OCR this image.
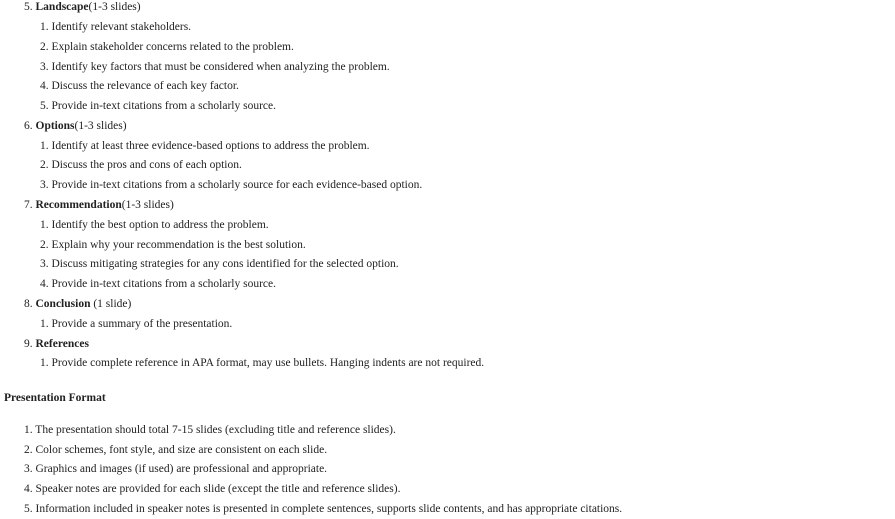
5. Landscape(1-3 slides)
1. Identify relevant stakeholders.
2. Explain stakeholder concerns related to the problem.
3. Identify key factors that must be considered when analyzing the problem.
4. Discuss the relevance of each key factor.
5. Provide in-text citations from a scholarly source.
6. Options(1-3 slides)
1. Identify at least three evidence-based options to address the problem.
2. Discuss the pros and cons of each option.
3. Provide in-text citations from a scholarly source for each evidence-based option.
7. Recommendation(1-3 slides)
1. Identify the best option to address the problem.
2. Explain why your recommendation is the best solution.
3. Discuss mitigating strategies for any cons identified for the selected option.
4. Provide in-text citations from a scholarly source.
8. Conclusion (1 slide)
1. Provide a summary of the presentation.
9. References
1. Provide complete reference in APA format, may use bullets. Hanging indents are not required.
Presentation Format
1. The presentation should total 7-15 slides (excluding title and reference slides).
2. Color schemes, font style, and size are consistent on each slide.
3. Graphics and images (if used) are professional and appropriate.
4. Speaker notes are provided for each slide (except the title and reference slides).
5. Information included in speaker notes is presented in complete sentences, supports slide contents, and has appropriate citations.
